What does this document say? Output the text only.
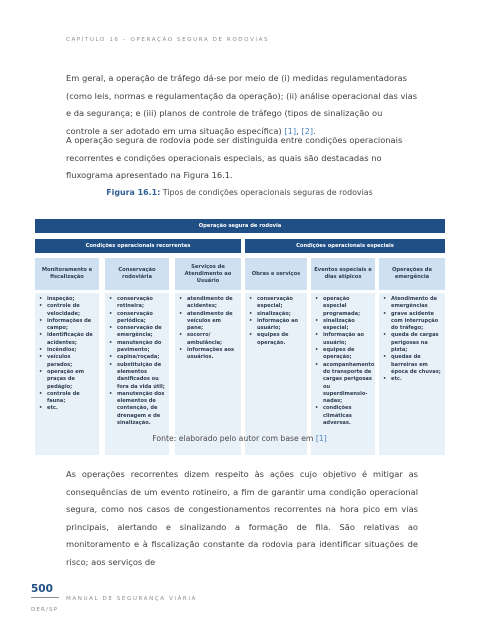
CAPÍTULO 16 – OPERAÇÃO SEGURA DE RODOVIAS

Em geral, a operação de tráfego dá-se por meio de (i) medidas regulamentadoras (como leis, normas e regulamentação da operação); (ii) análise operacional das vias e da segurança; e (iii) planos de controle de tráfego (tipos de sinalização ou controle a ser adotado em uma situação específica) [1], [2].

A operação segura de rodovia pode ser distinguida entre condições operacionais recorrentes e condições operacionais especiais, as quais são destacadas no fluxograma apresentado na Figura 16.1.

Figura 16.1: Tipos de condições operacionais seguras de rodovias
Operação segura de rodovia
Condições operacionais recorrentes	Condições operacionais especiais
Monitoramento e fiscalização
Conservação rodoviária
Serviços de Atendimento ao Usuário
Obras e serviços
Eventos especiais e dias atípicos
Operações de emergência
• inspeção;
• controle de velocidade;
• informações de campo;
• identificação de acidentes;
• incêndios;
• veículos parados;
• operação em praças de pedágio;
• controle de fauna;
• etc.
• conservação rotineira;
• conservação periódica;
• conservação de emergência;
• manutenção do pavimento;
• capina/roçada;
• substituição de elementos danificados ou fora da vida útil;
• manutenção dos elementos de contenção, de drenagem e de sinalização.
• atendimento de acidentes;
• atendimento de veículos em pane;
• socorro/ ambulância;
• informações aos usuários.
• conservação especial;
• sinalização;
• informação ao usuário;
• equipes de operação.
• operação especial programada;
• sinalização especial;
• informação ao usuário;
• equipes de operação;
• acompanhamento do transporte de cargas perigosas ou superdimensio-nadas;
• condições climáticas adversas.
• Atendimento de emergências
• grave acidente com interrupção do tráfego;
• queda de cargas perigosas na pista;
• quedas de barreiras em época de chuvas;
• etc.
Fonte: elaborado pelo autor com base em [1]

As operações recorrentes dizem respeito às ações cujo objetivo é mitigar as consequências de um evento rotineiro, a fim de garantir uma condição operacional segura, como nos casos de congestionamentos recorrentes na hora pico em vias principais, alertando e sinalizando a formação de fila. São relativas ao monitoramento e à fiscalização constante da rodovia para identificar situações de risco; aos serviços de

500
DER/SP
MANUAL DE SEGURANÇA VIÁRIA
